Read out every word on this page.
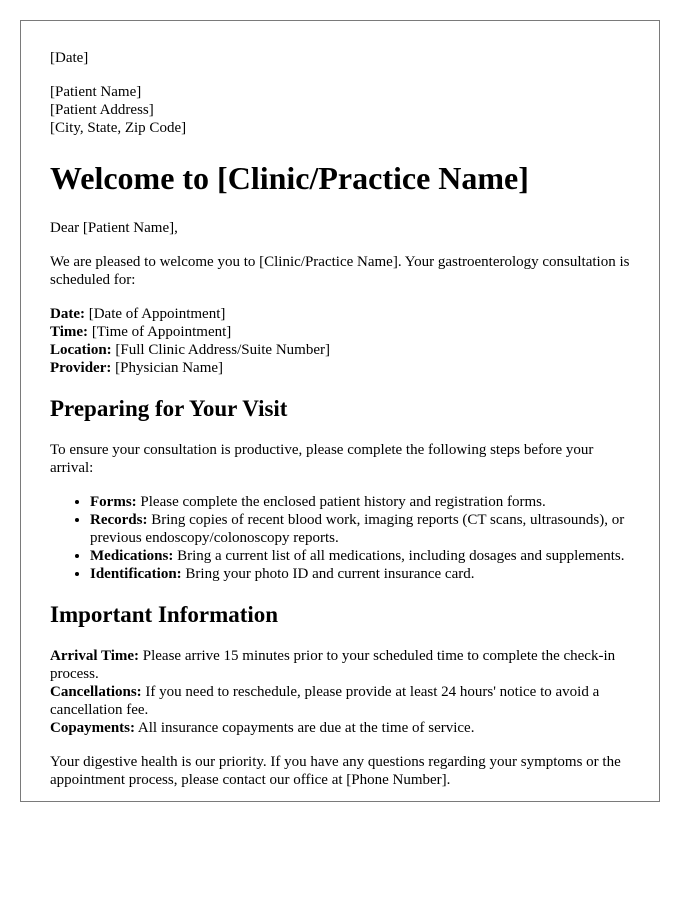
[Date]

[Patient Name]
[Patient Address]
[City, State, Zip Code]

Welcome to [Clinic/Practice Name]

Dear [Patient Name],

We are pleased to welcome you to [Clinic/Practice Name]. Your gastroenterology consultation is scheduled for:

Date: [Date of Appointment]
Time: [Time of Appointment]
Location: [Full Clinic Address/Suite Number]
Provider: [Physician Name]

Preparing for Your Visit

To ensure your consultation is productive, please complete the following steps before your arrival:

• Forms: Please complete the enclosed patient history and registration forms.
• Records: Bring copies of recent blood work, imaging reports (CT scans, ultrasounds), or previous endoscopy/colonoscopy reports.
• Medications: Bring a current list of all medications, including dosages and supplements.
• Identification: Bring your photo ID and current insurance card.
Important Information

Arrival Time: Please arrive 15 minutes prior to your scheduled time to complete the check-in process.
Cancellations: If you need to reschedule, please provide at least 24 hours' notice to avoid a cancellation fee.
Copayments: All insurance copayments are due at the time of service.

Your digestive health is our priority. If you have any questions regarding your symptoms or the appointment process, please contact our office at [Phone Number].
